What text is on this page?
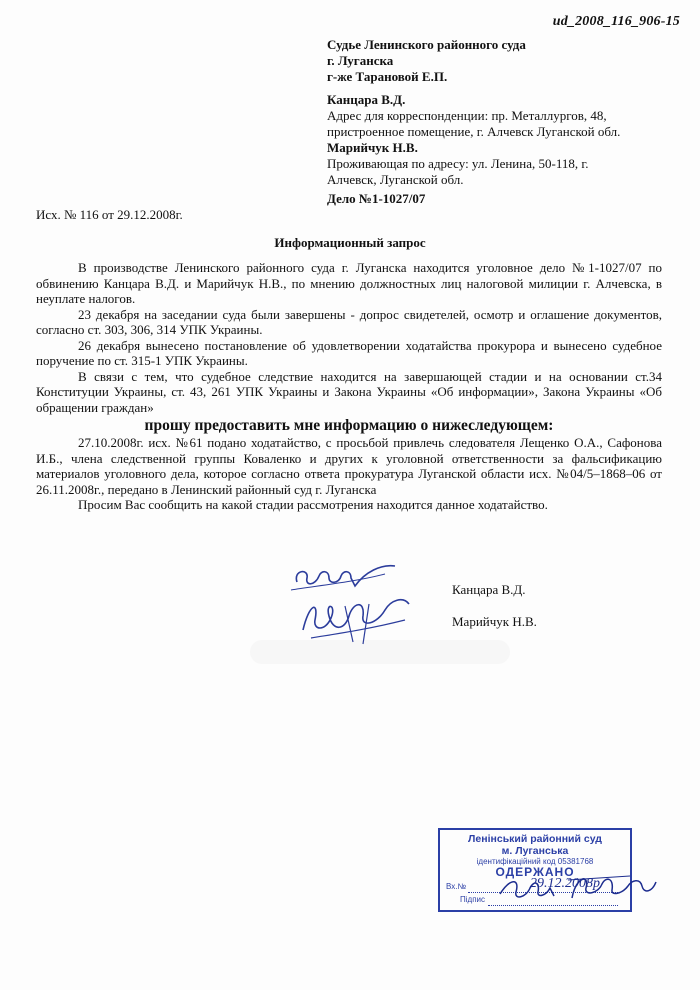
ud_2008_116_906-15
Судье Ленинского районного суда
г. Луганска
г-же Тарановой Е.П.
Канцара В.Д.
Адрес для корреспонденции: пр. Металлургов, 48,
пристроенное помещение, г. Алчевск Луганской обл.
Марийчук Н.В.
Проживающая по адресу: ул. Ленина, 50-118, г.
Алчевск, Луганской обл.
Дело №1-1027/07
Исх. № 116 от 29.12.2008г.
Информационный запрос

В производстве Ленинского районного суда г. Луганска находится уголовное дело №1-1027/07 по обвинению Канцара В.Д. и Марийчук Н.В., по мнению должностных лиц налоговой милиции г. Алчевска, в неуплате налогов.

23 декабря на заседании суда были завершены - допрос свидетелей, осмотр и оглашение документов, согласно ст. 303, 306, 314 УПК Украины.

26 декабря вынесено постановление об удовлетворении ходатайства прокурора и вынесено судебное поручение по ст. 315-1 УПК Украины.

В связи с тем, что судебное следствие находится на завершающей стадии и на основании ст.34 Конституции Украины, ст. 43, 261 УПК Украины и Закона Украины «Об информации», Закона Украины «Об обращении граждан»

прошу предоставить мне информацию о нижеследующем:

27.10.2008г. исх. №61 подано ходатайство, с просьбой привлечь следователя Лещенко О.А., Сафонова И.Б., члена следственной группы Коваленко и других к уголовной ответственности за фальсификацию материалов уголовного дела, которое согласно ответа прокуратура Луганской области исх. №04/5–1868–06 от 26.11.2008г., передано в Ленинский районный суд г. Луганска

Просим Вас сообщить на какой стадии рассмотрения находится данное ходатайство.

Канцара В.Д.
Марийчук Н.В.
Ленінський районний суд
м. Луганська
ідентифікаційний код 05381768
ОДЕРЖАНО
Вх.№	29.12.2008р
Підпис
